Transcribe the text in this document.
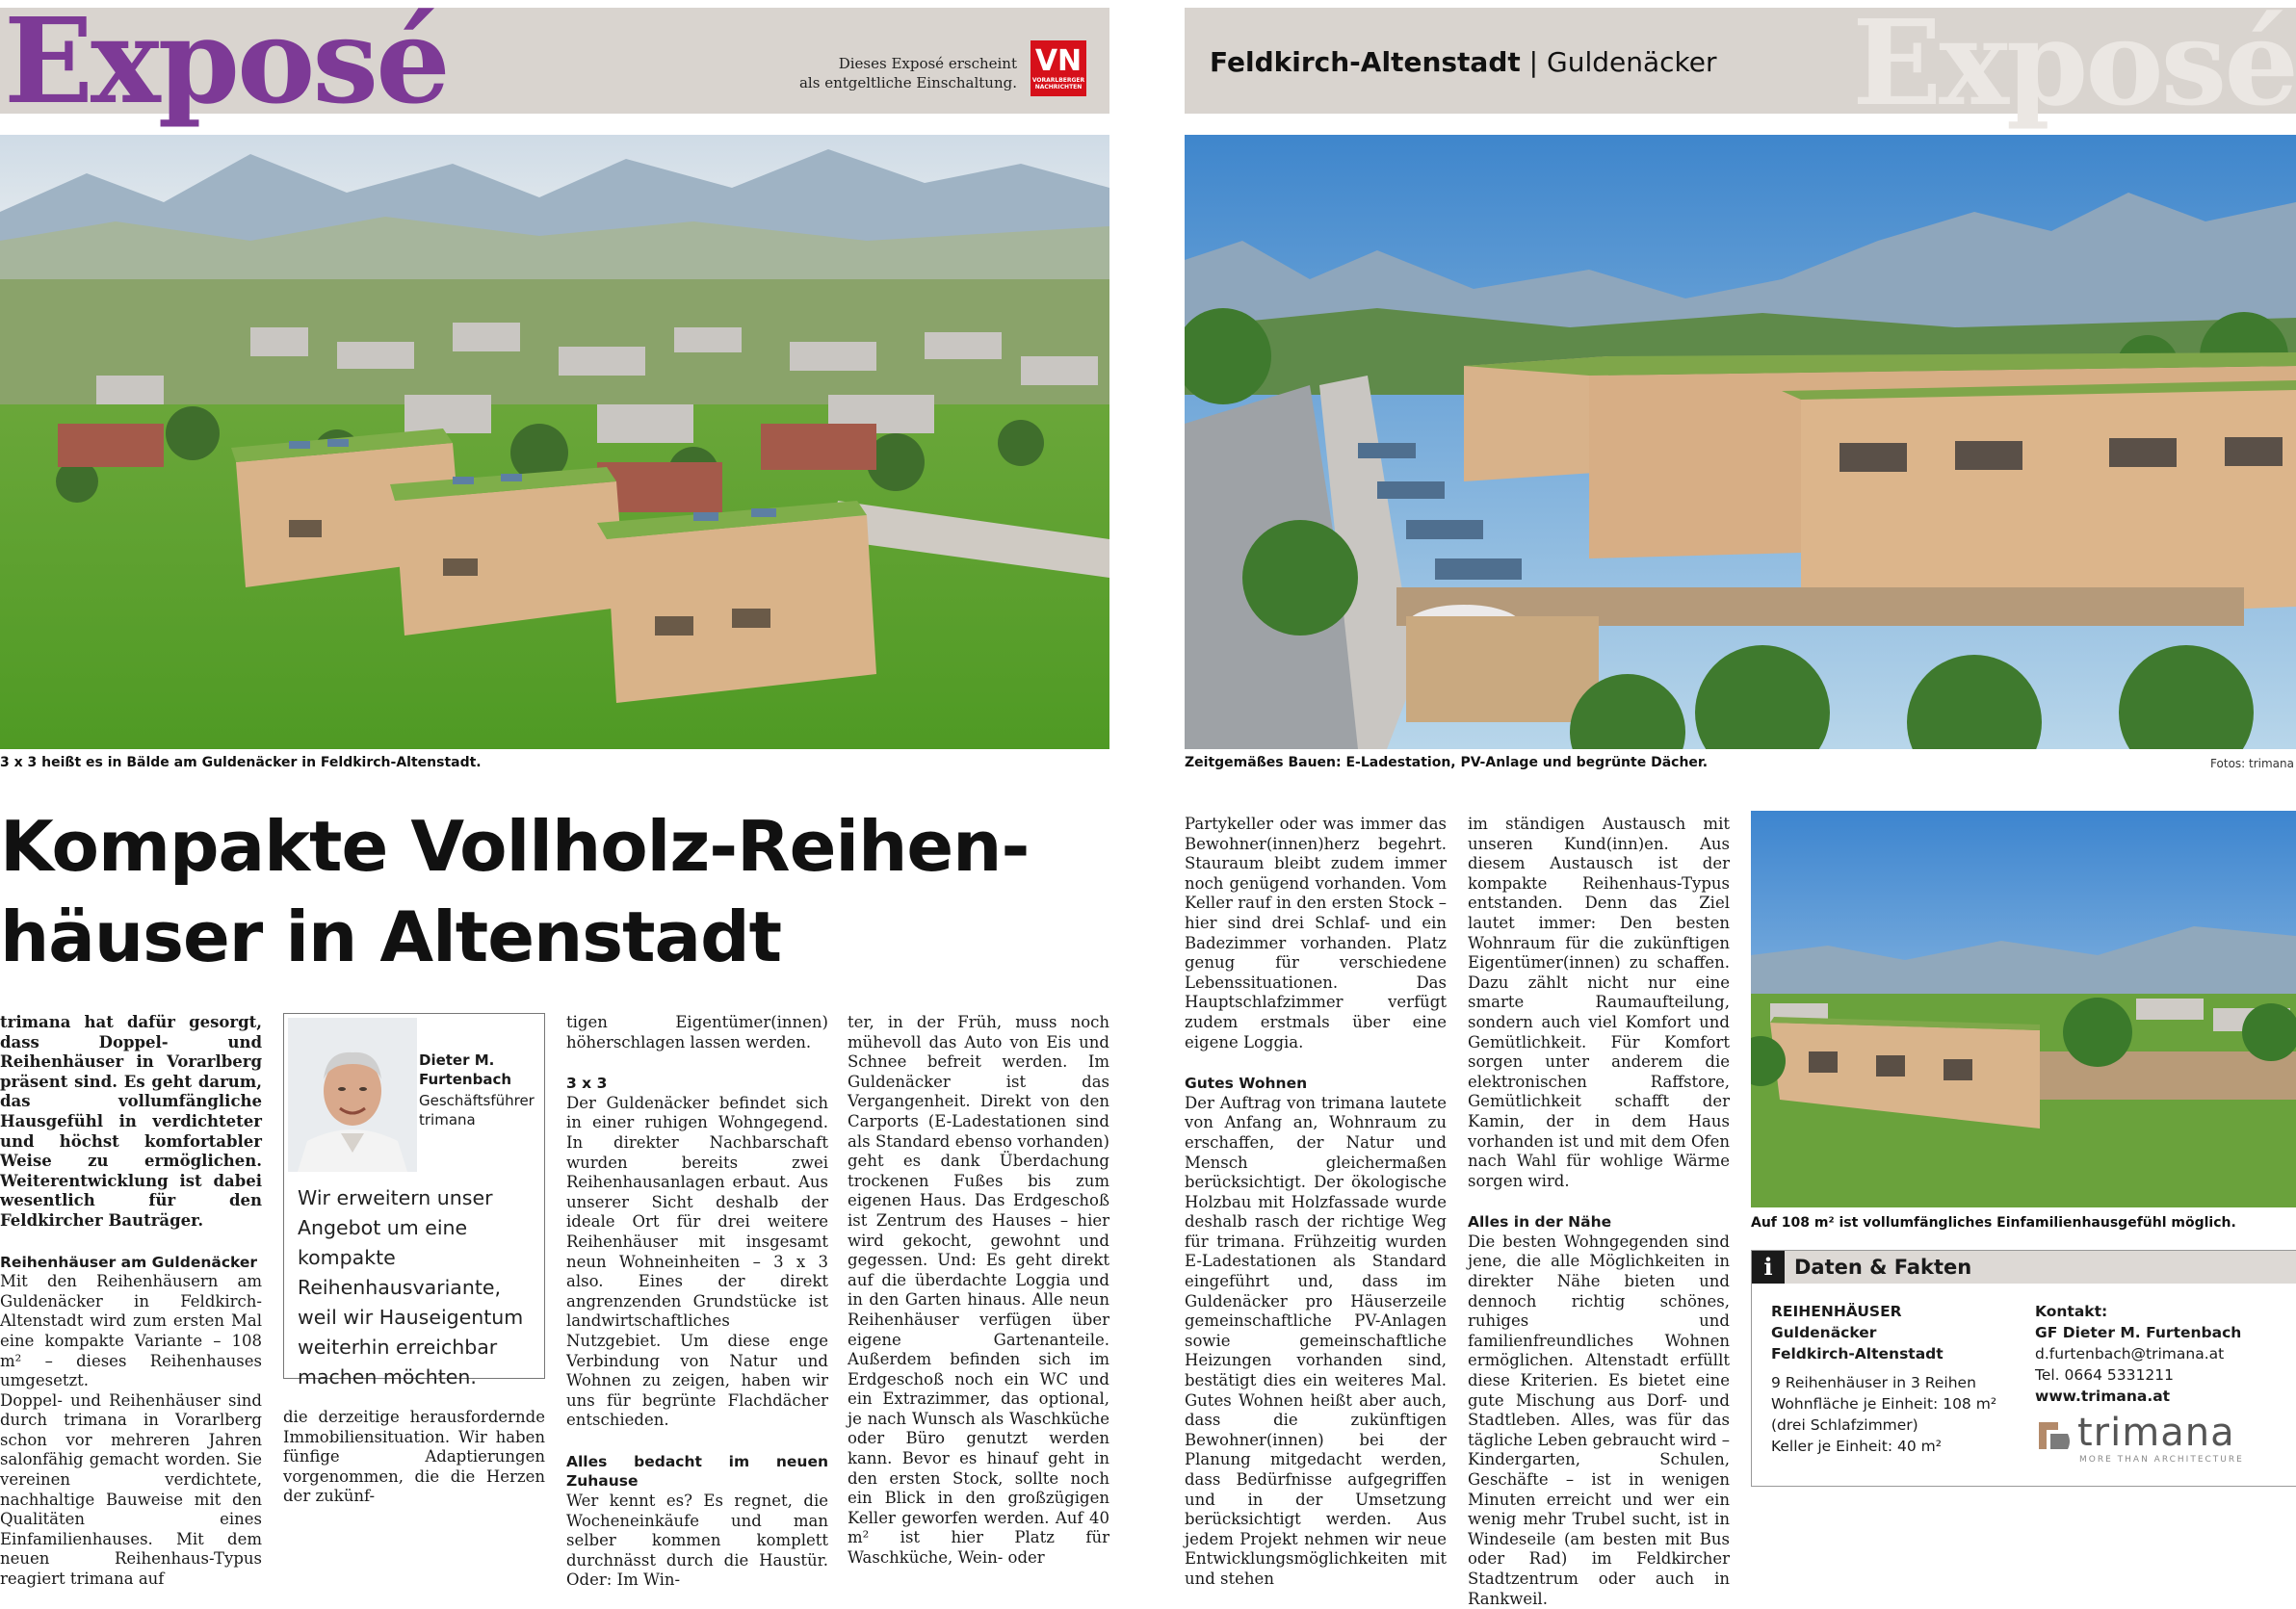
Exposé	Dieses Exposé erscheint
als entgeltliche Einschaltung.
VN
VORARLBERGER NACHRICHTEN
3 x 3 heißt es in Bälde am Guldenäcker in Feldkirch-Altenstadt.
Kompakte Vollholz-Reihen-
häuser in Altenstadt

trimana hat dafür gesorgt, dass Doppel- und Reihenhäuser in Vorarlberg präsent sind. Es geht darum, das vollumfängliche Hausgefühl in verdichteter und höchst komfortabler Weise zu ermöglichen. Weiterentwicklung ist dabei wesentlich für den Feldkircher Bauträger.

Reihenhäuser am Guldenäcker

Mit den Reihenhäusern am Guldenäcker in Feldkirch-Altenstadt wird zum ersten Mal eine kompakte Variante – 108 m² – dieses Reihenhauses umgesetzt.

Doppel- und Reihenhäuser sind durch trimana in Vorarlberg schon vor mehreren Jahren salonfähig gemacht worden. Sie vereinen verdichtete, nachhaltige Bauweise mit den Qualitäten eines Einfamilienhauses. Mit dem neuen Reihenhaus-Typus reagiert trimana auf

Dieter M.
Furtenbach
Geschäftsführer
trimana
Wir erweitern unser Angebot um eine kompakte Reihenhausvariante, weil wir Hauseigentum weiterhin erreichbar machen möchten.

die derzeitige herausfordernde Immobiliensituation. Wir haben fünfige Adaptierungen vorgenommen, die die Herzen der zukünf-

tigen Eigentümer(innen) höherschlagen lassen werden.

3 x 3

Der Guldenäcker befindet sich in einer ruhigen Wohngegend. In direkter Nachbarschaft wurden bereits zwei Reihenhausanlagen erbaut. Aus unserer Sicht deshalb der ideale Ort für drei weitere Reihenhäuser mit insgesamt neun Wohneinheiten – 3 x 3 also. Eines der direkt angrenzenden Grundstücke ist landwirtschaftliches Nutzgebiet. Um diese enge Verbindung von Natur und Wohnen zu zeigen, haben wir uns für begrünte Flachdächer entschieden.

Alles bedacht im neuen Zuhause

Wer kennt es? Es regnet, die Wocheneinkäufe und man selber kommen komplett durchnässt durch die Haustür. Oder: Im Win-

ter, in der Früh, muss noch mühevoll das Auto von Eis und Schnee befreit werden. Im Guldenäcker ist das Vergangenheit. Direkt von den Carports (E-Ladestationen sind als Standard ebenso vorhanden) geht es dank Überdachung trockenen Fußes bis zum eigenen Haus. Das Erdgeschoß ist Zentrum des Hauses – hier wird gekocht, gewohnt und gegessen. Und: Es geht direkt auf die überdachte Loggia und in den Garten hinaus. Alle neun Reihenhäuser verfügen über eigene Gartenanteile. Außerdem befinden sich im Erdgeschoß noch ein WC und ein Extrazimmer, das optional, je nach Wunsch als Waschküche oder Büro genutzt werden kann. Bevor es hinauf geht in den ersten Stock, sollte noch ein Blick in den großzügigen Keller geworfen werden. Auf 40 m² ist hier Platz für Waschküche, Wein- oder

Exposé
Feldkirch-Altenstadt | Guldenäcker
Zeitgemäßes Bauen: E-Ladestation, PV-Anlage und begrünte Dächer.	Fotos: trimana

Partykeller oder was immer das Bewohner(innen)herz begehrt. Stauraum bleibt zudem immer noch genügend vorhanden. Vom Keller rauf in den ersten Stock – hier sind drei Schlaf- und ein Badezimmer vorhanden. Platz genug für verschiedene Lebenssituationen. Das Hauptschlafzimmer verfügt zudem erstmals über eine eigene Loggia.

Gutes Wohnen

Der Auftrag von trimana lautete von Anfang an, Wohnraum zu erschaffen, der Natur und Mensch gleichermaßen berücksichtigt. Der ökologische Holzbau mit Holzfassade wurde deshalb rasch der richtige Weg für trimana. Frühzeitig wurden E-Ladestationen als Standard eingeführt und, dass im Guldenäcker pro Häuserzeile gemeinschaftliche PV-Anlagen sowie gemeinschaftliche Heizungen vorhanden sind, bestätigt dies ein weiteres Mal. Gutes Wohnen heißt aber auch, dass die zukünftigen Bewohner(innen) bei der Planung mitgedacht werden, dass Bedürfnisse aufgegriffen und in der Umsetzung berücksichtigt werden. Aus jedem Projekt nehmen wir neue Entwicklungsmöglichkeiten mit und stehen

im ständigen Austausch mit unseren Kund(inn)en. Aus diesem Austausch ist der kompakte Reihenhaus-Typus entstanden. Denn das Ziel lautet immer: Den besten Wohnraum für die zukünftigen Eigentümer(innen) zu schaffen. Dazu zählt nicht nur eine smarte Raumaufteilung, sondern auch viel Komfort und Gemütlichkeit. Für Komfort sorgen unter anderem die elektronischen Raffstore, Gemütlichkeit schafft der Kamin, der in dem Haus vorhanden ist und mit dem Ofen nach Wahl für wohlige Wärme sorgen wird.

Alles in der Nähe

Die besten Wohngegenden sind jene, die alle Möglichkeiten in direkter Nähe bieten und dennoch richtig schönes, ruhiges und familienfreundliches Wohnen ermöglichen. Altenstadt erfüllt diese Kriterien. Es bietet eine gute Mischung aus Dorf- und Stadtleben. Alles, was für das tägliche Leben gebraucht wird – Kindergarten, Schulen, Geschäfte – ist in wenigen Minuten erreicht und wer ein wenig mehr Trubel sucht, ist in Windeseile (am besten mit Bus oder Rad) im Feldkircher Stadtzentrum oder auch in Rankweil.

Auf 108 m² ist vollumfängliches Einfamilienhausgefühl möglich.
i	Daten & Fakten
REIHENHÄUSER
Guldenäcker
Feldkirch-Altenstadt
9 Reihenhäuser in 3 Reihen
Wohnfläche je Einheit: 108 m²
(drei Schlafzimmer)
Keller je Einheit: 40 m²
Kontakt:
GF Dieter M. Furtenbach
d.furtenbach@trimana.at
Tel. 0664 5331211
www.trimana.at
trimana
MORE THAN ARCHITECTURE
